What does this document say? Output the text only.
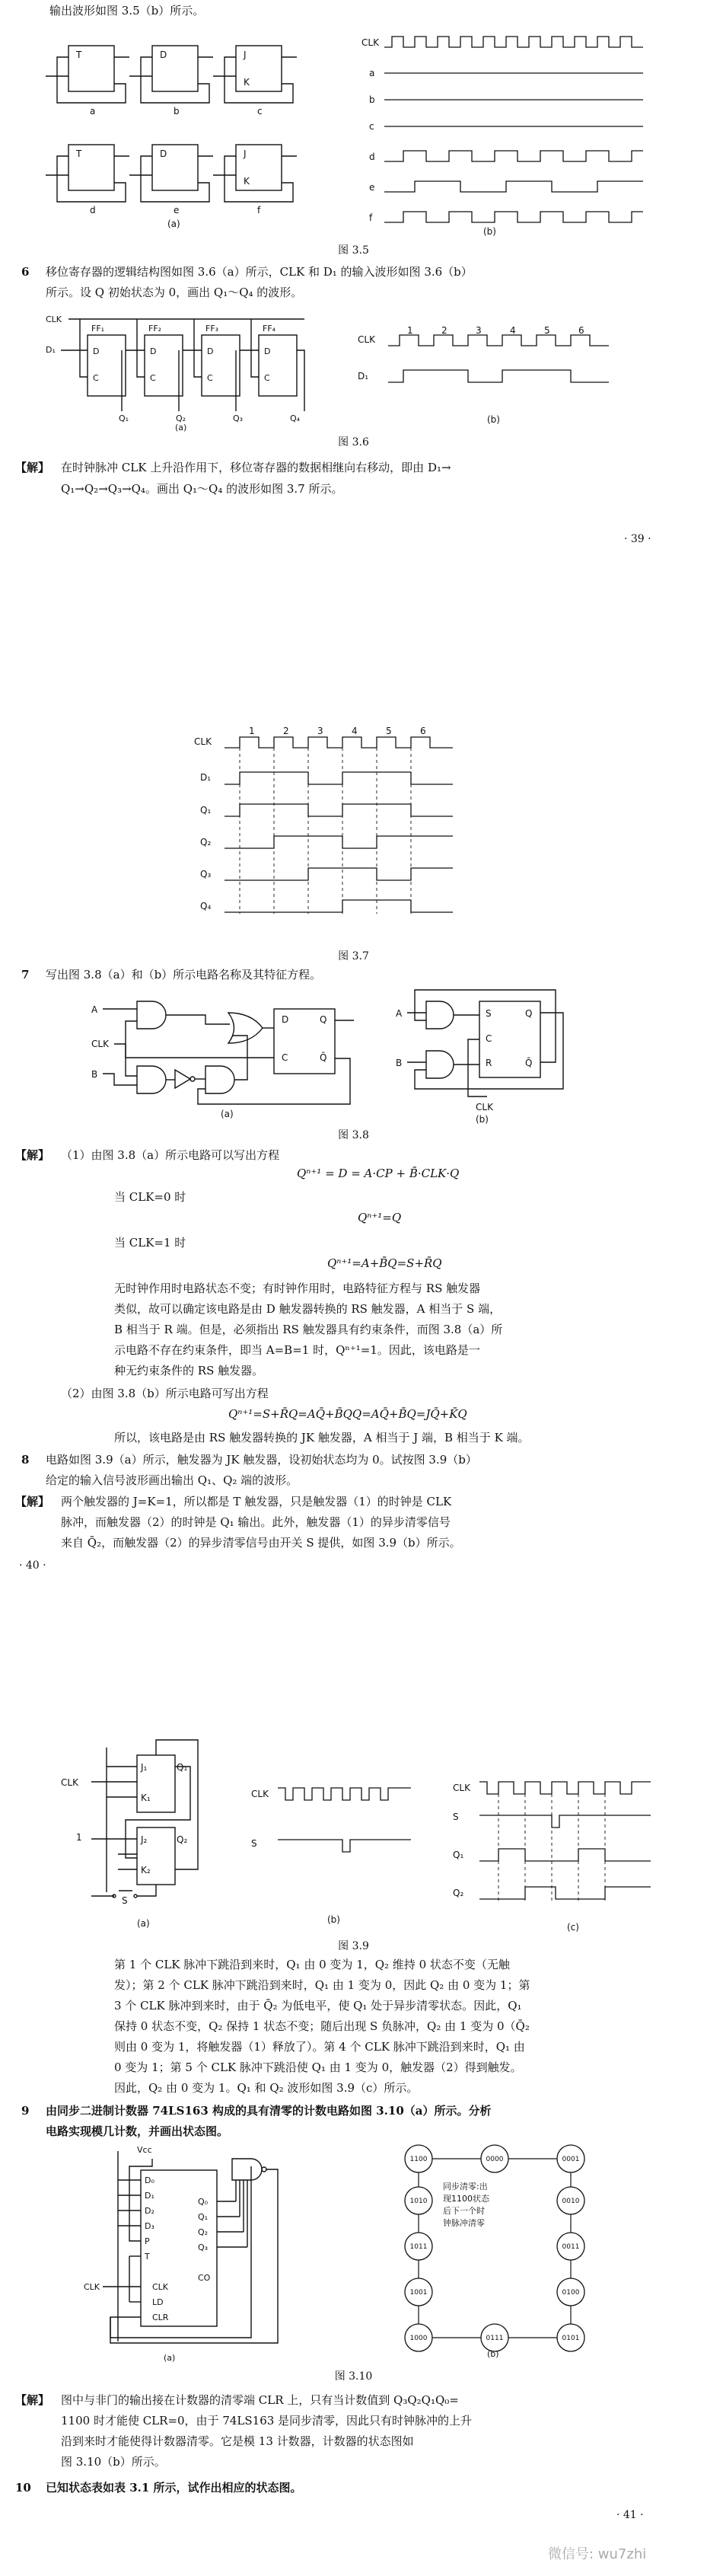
输出波形如图 3.5（b）所示。
T	D	J
T	D	J
K
K
a	b	c
d	e	f
(a)
CLK
a
b
c
d
e
f
(b)
图 3.5
6 移位寄存器的逻辑结构图如图 3.6（a）所示，CLK 和 D₁ 的输入波形如图 3.6（b）
所示。设 Q 初始状态为 0，画出 Q₁～Q₄ 的波形。
CLK
D₁
FF₁	FF₂	FF₃	FF₄
D	D	D	D
C	C	C	C
Q₁	Q₂	Q₃	Q₄
(a)
CLK
D₁
1	2	3	4	5	6
(b)
图 3.6
【解】 在时钟脉冲 CLK 上升沿作用下，移位寄存器的数据相继向右移动，即由 D₁→
Q₁→Q₂→Q₃→Q₄。画出 Q₁～Q₄ 的波形如图 3.7 所示。
· 39 ·
CLK
D₁
Q₁
Q₂
Q₃
Q₄
1	2	3	4	5	6
图 3.7
7 写出图 3.8（a）和（b）所示电路名称及其特征方程。
A
CLK
B
D
C
Q
Q̄
(a)
A
B
S
C
R
Q
Q̄
CLK
(b)
图 3.8
【解】 （1）由图 3.8（a）所示电路可以写出方程
Qⁿ⁺¹ = D = A·CP + B̄·CLK·Q
当 CLK=0 时
Qⁿ⁺¹=Q
当 CLK=1 时
Qⁿ⁺¹=A+B̄Q=S+R̄Q
无时钟作用时电路状态不变；有时钟作用时，电路特征方程与 RS 触发器
类似，故可以确定该电路是由 D 触发器转换的 RS 触发器，A 相当于 S 端，
B 相当于 R 端。但是，必须指出 RS 触发器具有约束条件，而图 3.8（a）所
示电路不存在约束条件，即当 A=B=1 时，Qⁿ⁺¹=1。因此，该电路是一
种无约束条件的 RS 触发器。
（2）由图 3.8（b）所示电路可写出方程
Qⁿ⁺¹=S+R̄Q=AQ̄+B̄QQ=AQ̄+B̄Q=JQ̄+K̄Q
所以，该电路是由 RS 触发器转换的 JK 触发器，A 相当于 J 端，B 相当于 K 端。
8 电路如图 3.9（a）所示，触发器为 JK 触发器，设初始状态均为 0。试按图 3.9（b）
给定的输入信号波形画出输出 Q₁、Q₂ 端的波形。
【解】 两个触发器的 J=K=1，所以都是 T 触发器，只是触发器（1）的时钟是 CLK
脉冲，而触发器（2）的时钟是 Q₁ 输出。此外，触发器（1）的异步清零信号
来自 Q̄₂，而触发器（2）的异步清零信号由开关 S 提供，如图 3.9（b）所示。
· 40 ·
CLK
1
S
J₁
K₁
J₂
K₂
Q₁
Q₂
(a)
CLK
S
(b)
CLK
S
Q₁
Q₂
(c)
图 3.9
第 1 个 CLK 脉冲下跳沿到来时，Q₁ 由 0 变为 1，Q₂ 维持 0 状态不变（无触
发）；第 2 个 CLK 脉冲下跳沿到来时，Q₁ 由 1 变为 0，因此 Q₂ 由 0 变为 1；第
3 个 CLK 脉冲到来时，由于 Q̄₂ 为低电平，使 Q₁ 处于异步清零状态。因此，Q₁
保持 0 状态不变，Q₂ 保持 1 状态不变；随后出现 S 负脉冲，Q₂ 由 1 变为 0（Q̄₂
则由 0 变为 1，将触发器（1）释放了）。第 4 个 CLK 脉冲下跳沿到来时，Q₁ 由
0 变为 1；第 5 个 CLK 脉冲下跳沿使 Q₁ 由 1 变为 0，触发器（2）得到触发。
因此，Q₂ 由 0 变为 1。Q₁ 和 Q₂ 波形如图 3.9（c）所示。
9 由同步二进制计数器 74LS163 构成的具有清零的计数电路如图 3.10（a）所示。分析
电路实现模几计数，并画出状态图。
Vcc
D₀
D₁
D₂
D₃
P
T
CLK
LD
CLR
Q₀
Q₁
Q₂
Q₃
CO
CLK
(a)
1100	0000	0001
0010
0011
0100
0101
0111
1000
1001
1011
1010
同步清零:出
现1100状态
后下一个时
钟脉冲清零
(b)
图 3.10
【解】 图中与非门的输出接在计数器的清零端 CLR 上，只有当计数值到 Q₃Q₂Q₁Q₀=
1100 时才能使 CLR=0，由于 74LS163 是同步清零，因此只有时钟脉冲的上升
沿到来时才能使得计数器清零。它是模 13 计数器，计数器的状态图如
图 3.10（b）所示。
10 已知状态表如表 3.1 所示，试作出相应的状态图。
· 41 ·
微信号: wu7zhi
